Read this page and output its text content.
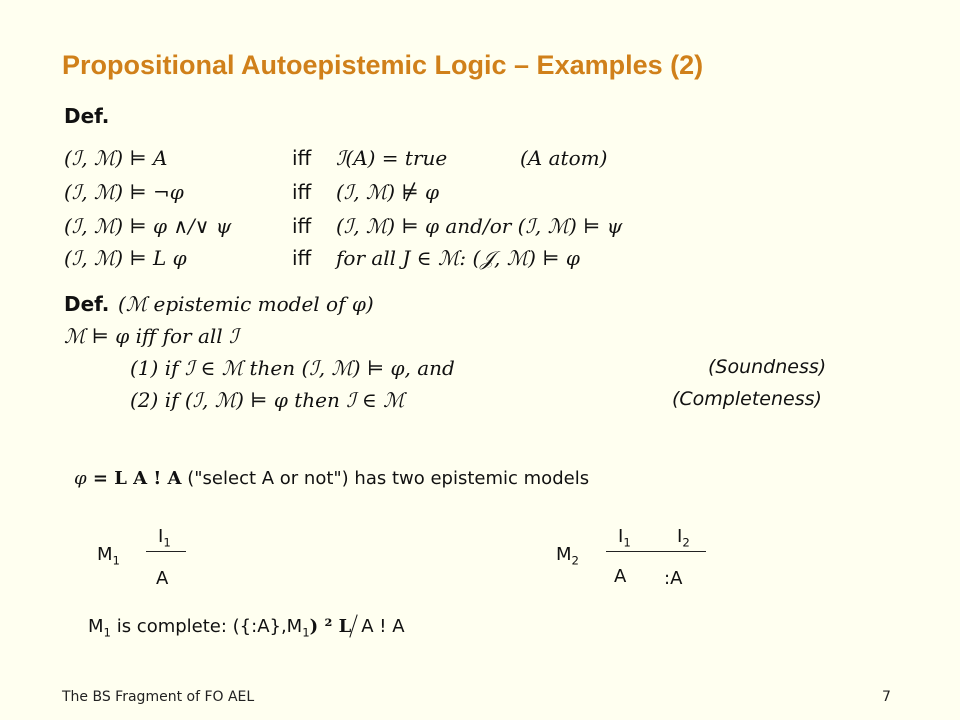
Propositional Autoepistemic Logic – Examples (2)
Def.
(ℐ, ℳ) ⊨ A	iff ℐ(A) = true	(A atom)
(ℐ, ℳ) ⊨ ¬φ	iff (ℐ, ℳ) ⊭ φ
(ℐ, ℳ) ⊨ φ ∧/∨ ψ	iff (ℐ, ℳ) ⊨ φ and/or (ℐ, ℳ) ⊨ ψ
(ℐ, ℳ) ⊨ L φ	iff for all J ∈ ℳ: (𝒥, ℳ) ⊨ φ
Def. (ℳ epistemic model of φ)
ℳ ⊨ φ iff for all ℐ
(1) if ℐ ∈ ℳ then (ℐ, ℳ) ⊨ φ, and	(Soundness)
(2) if (ℐ, ℳ) ⊨ φ then ℐ ∈ ℳ	(Completeness)
φ = L A ! A ("select A or not") has two epistemic models
$M_1$
$I_1$
A
$M_2$
$I_1$	$I_2$
A :A
$M_1$ is complete: $(\{:A\},M_1)$ ² L A ! A
The BS Fragment of FO AEL	7
